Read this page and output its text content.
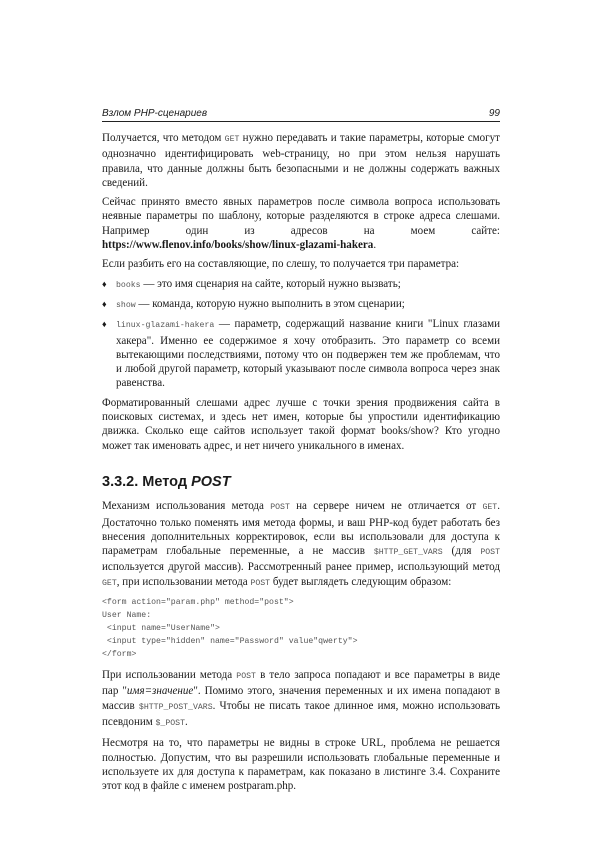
Взлом PHP-сценариев	99

Получается, что методом GET нужно передавать и такие параметры, которые смогут однозначно идентифицировать web-страницу, но при этом нельзя нарушать правила, что данные должны быть безопасными и не должны содержать важных сведений.

Сейчас принято вместо явных параметров после символа вопроса использовать неявные параметры по шаблону, которые разделяются в строке адреса слешами. Например один из адресов на моем сайте: https://www.flenov.info/books/show/linux-glazami-hakera.

Если разбить его на составляющие, по слешу, то получается три параметра:

♦ books — это имя сценария на сайте, который нужно вызвать;
♦ show — команда, которую нужно выполнить в этом сценарии;
♦ linux-glazami-hakera — параметр, содержащий название книги "Linux глазами хакера". Именно ее содержимое я хочу отобразить. Это параметр со всеми вытекающими последствиями, потому что он подвержен тем же проблемам, что и любой другой параметр, который указывают после символа вопроса через знак равенства.

Форматированный слешами адрес лучше с точки зрения продвижения сайта в поисковых системах, и здесь нет имен, которые бы упростили идентификацию движка. Сколько еще сайтов использует такой формат books/show? Кто угодно может так именовать адрес, и нет ничего уникального в именах.

3.3.2. Метод POST

Механизм использования метода POST на сервере ничем не отличается от GET. Достаточно только поменять имя метода формы, и ваш PHP-код будет работать без внесения дополнительных корректировок, если вы использовали для доступа к параметрам глобальные переменные, а не массив $HTTP_GET_VARS (для POST используется другой массив). Рассмотренный ранее пример, использующий метод GET, при использовании метода POST будет выглядеть следующим образом:

<form action="param.php" method="post">
User Name:
<input name="UserName">
<input type="hidden" name="Password" value"qwerty">
</form>

При использовании метода POST в тело запроса попадают и все параметры в виде пар "имя=значение". Помимо этого, значения переменных и их имена попадают в массив $HTTP_POST_VARS. Чтобы не писать такое длинное имя, можно использовать псевдоним $_POST.

Несмотря на то, что параметры не видны в строке URL, проблема не решается полностью. Допустим, что вы разрешили использовать глобальные переменные и используете их для доступа к параметрам, как показано в листинге 3.4. Сохраните этот код в файле с именем postparam.php.
